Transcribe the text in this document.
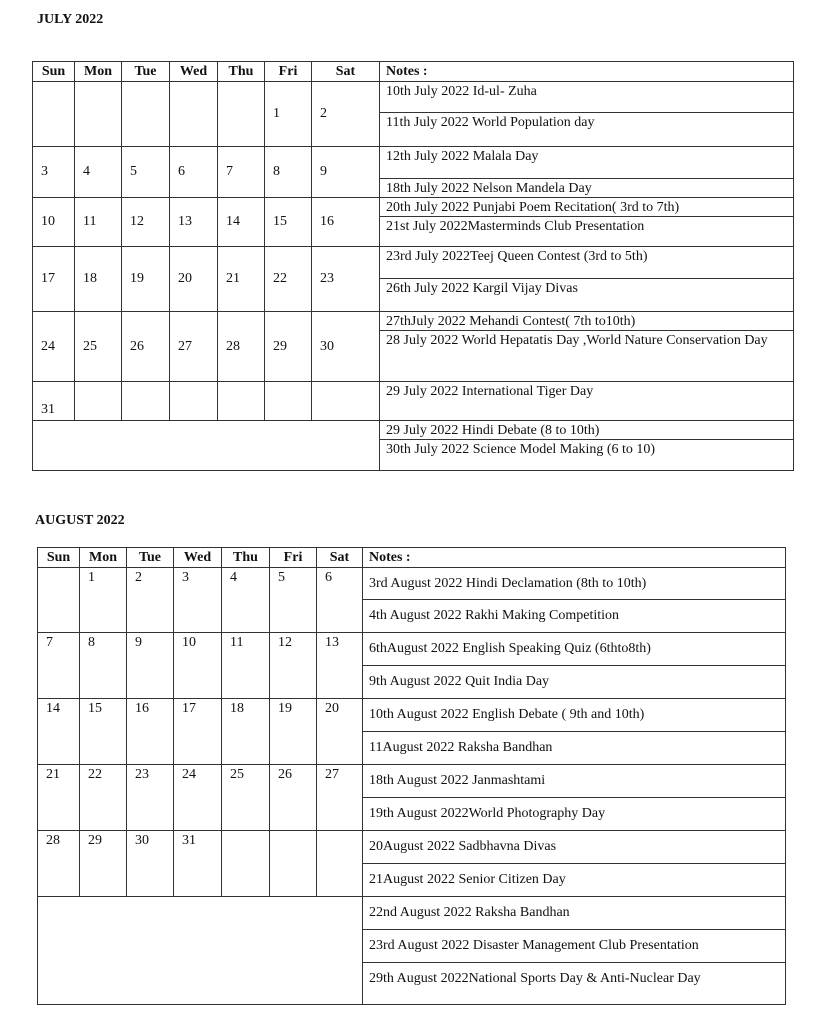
JULY 2022
Sun	Mon	Tue	Wed	Thu	Fri	Sat	Notes :
					1	2	10th July 2022 Id-ul- Zuha
							11th July 2022 World Population day
3	4	5	6	7	8	9	12th July 2022 Malala Day
							18th July 2022 Nelson Mandela Day
10	11	12	13	14	15	16	20th July 2022 Punjabi Poem Recitation( 3rd to 7th)
							21st July 2022Masterminds Club Presentation
17	18	19	20	21	22	23	23rd July 2022Teej Queen Contest (3rd to 5th)
							26th July 2022 Kargil Vijay Divas
24	25	26	27	28	29	30	27thJuly 2022 Mehandi Contest( 7th to10th)
							28 July 2022 World Hepatatis Day ,World Nature Conservation Day
31							29 July 2022 International Tiger Day
							29 July 2022 Hindi Debate (8 to 10th)
							30th July 2022 Science Model Making (6 to 10)
AUGUST 2022
Sun	Mon	Tue	Wed	Thu	Fri	Sat	Notes :
	1	2	3	4	5	6	3rd August 2022 Hindi Declamation (8th to 10th)
							4th August 2022 Rakhi Making Competition
7	8	9	10	11	12	13	6thAugust 2022 English Speaking Quiz (6thto8th)
							9th August 2022 Quit India Day
14	15	16	17	18	19	20	10th August 2022 English Debate ( 9th and 10th)
							11August 2022 Raksha Bandhan
21	22	23	24	25	26	27	18th August 2022 Janmashtami
							19th August 2022World Photography Day
28	29	30	31				20August 2022 Sadbhavna Divas
							21August 2022 Senior Citizen Day
							22nd August 2022 Raksha Bandhan
							23rd August 2022 Disaster Management Club Presentation
							29th August 2022National Sports Day & Anti-Nuclear Day
